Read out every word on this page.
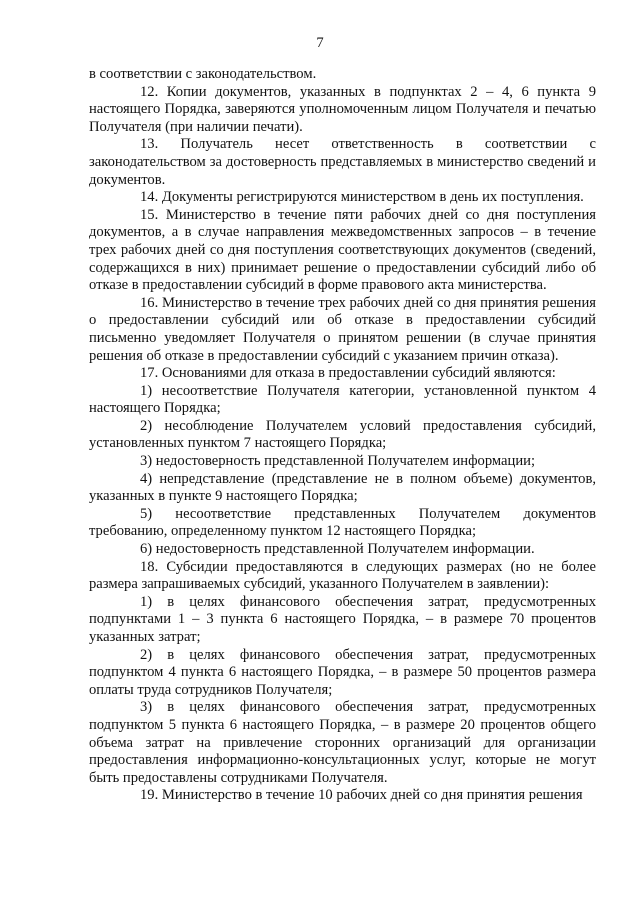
7

в соответствии с законодательством.

12. Копии документов, указанных в подпунктах 2 – 4, 6 пункта 9 настоящего Порядка, заверяются уполномоченным лицом Получателя и печатью Получателя (при наличии печати).

13. Получатель несет ответственность в соответствии с законодательством за достоверность представляемых в министерство сведений и документов.

14. Документы регистрируются министерством в день их поступления.

15. Министерство в течение пяти рабочих дней со дня поступления документов, а в случае направления межведомственных запросов – в течение трех рабочих дней со дня поступления соответствующих документов (сведений, содержащихся в них) принимает решение о предоставлении субсидий либо об отказе в предоставлении субсидий в форме правового акта министерства.

16. Министерство в течение трех рабочих дней со дня принятия решения о предоставлении субсидий или об отказе в предоставлении субсидий письменно уведомляет Получателя о принятом решении (в случае принятия решения об отказе в предоставлении субсидий с указанием причин отказа).

17. Основаниями для отказа в предоставлении субсидий являются:

1) несоответствие Получателя категории, установленной пунктом 4 настоящего Порядка;

2) несоблюдение Получателем условий предоставления субсидий, установленных пунктом 7 настоящего Порядка;

3) недостоверность представленной Получателем информации;

4) непредставление (представление не в полном объеме) документов, указанных в пункте 9 настоящего Порядка;

5) несоответствие представленных Получателем документов требованию, определенному пунктом 12 настоящего Порядка;

6) недостоверность представленной Получателем информации.

18. Субсидии предоставляются в следующих размерах (но не более размера запрашиваемых субсидий, указанного Получателем в заявлении):

1) в целях финансового обеспечения затрат, предусмотренных подпунктами 1 – 3 пункта 6 настоящего Порядка, – в размере 70 процентов указанных затрат;

2) в целях финансового обеспечения затрат, предусмотренных подпунктом 4 пункта 6 настоящего Порядка, – в размере 50 процентов размера оплаты труда сотрудников Получателя;

3) в целях финансового обеспечения затрат, предусмотренных подпунктом 5 пункта 6 настоящего Порядка, – в размере 20 процентов общего объема затрат на привлечение сторонних организаций для организации предоставления информационно-консультационных услуг, которые не могут быть предоставлены сотрудниками Получателя.

19. Министерство в течение 10 рабочих дней со дня принятия решения
